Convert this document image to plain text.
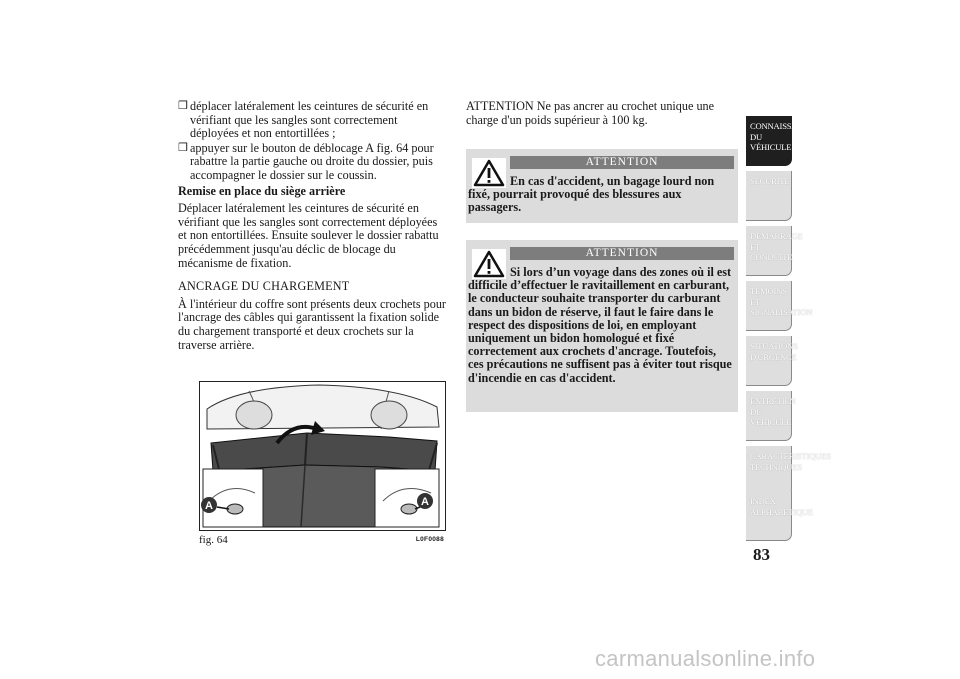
❒ déplacer latéralement les ceintures de sécurité en vérifiant que les sangles sont correctement déployées et non entortillées ;
❒ appuyer sur le bouton de déblocage A fig. 64 pour rabattre la partie gauche ou droite du dossier, puis accompagner le dossier sur le coussin.

Remise en place du siège arrière

Déplacer latéralement les ceintures de sécurité en vérifiant que les sangles sont correctement déployées et non entortillées. Ensuite soulever le dossier rabattu précédemment jusqu'au déclic de blocage du mécanisme de fixation.

ANCRAGE DU CHARGEMENT

À l'intérieur du coffre sont présents deux crochets pour l'ancrage des câbles qui garantissent la fixation solide du chargement transporté et deux crochets sur la traverse arrière.

A	A
fig. 64	L0F0088

ATTENTION Ne pas ancrer au crochet unique une charge d'un poids supérieur à 100 kg.

ATTENTION
En cas d'accident, un bagage lourd non fixé, pourrait provoqué des blessures aux passagers.
ATTENTION
Si lors d’un voyage dans des zones où il est difficile d’effectuer le ravitaillement en carburant, le conducteur souhaite transporter du carburant dans un bidon de réserve, il faut le faire dans le respect des dispositions de loi, en employant uniquement un bidon homologué et fixé correctement aux crochets d'ancrage. Toutefois, ces précautions ne suffisent pas à éviter tout risque d'incendie en cas d'accident.
CONNAISSANCE DU VÉHICULE
SÉCURITÉ
DÉMARRAGE ET CONDUITE
TEMOINS ET SIGNALISATION
SITUATIONS D'URGENCE
ENTRETIEN DU VÉHICULE
CARACTÉRISTIQUES TECHNIQUES
INDEX ALPHABETIQUE
83
carmanualsonline.info
